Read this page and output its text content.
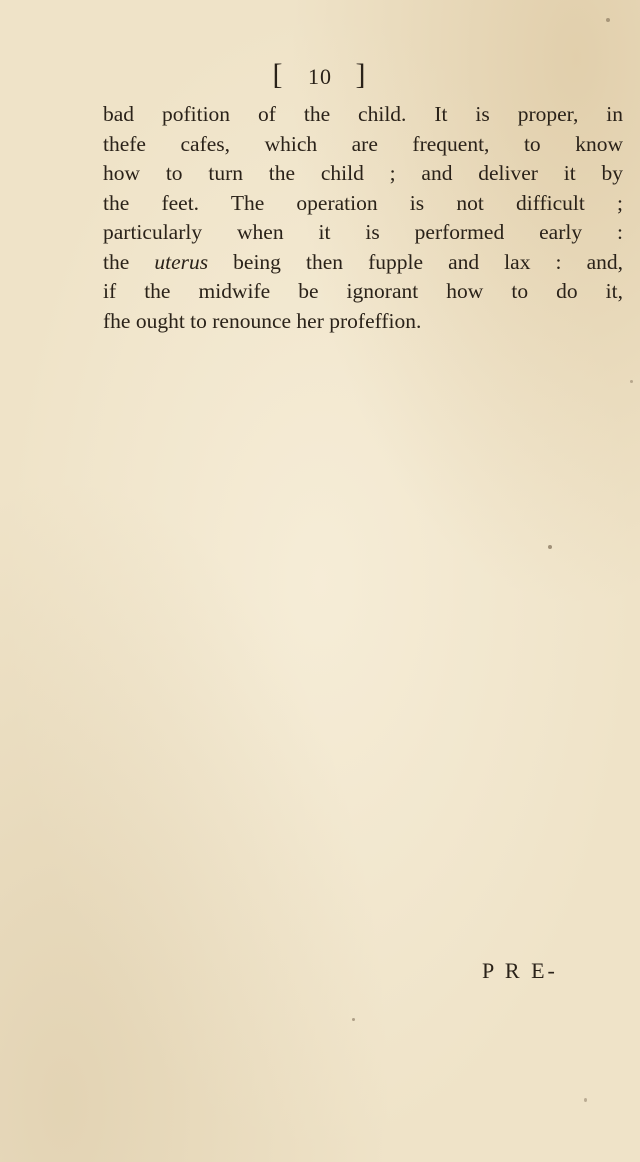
[ 10 ]
bad pofition of the child. It is proper, in
thefe cafes, which are frequent, to know
how to turn the child ; and deliver it by
the feet. The operation is not difficult ;
particularly when it is performed early :
the uterus being then fupple and lax : and,
if the midwife be ignorant how to do it,
fhe ought to renounce her profeffion.
P R E-
